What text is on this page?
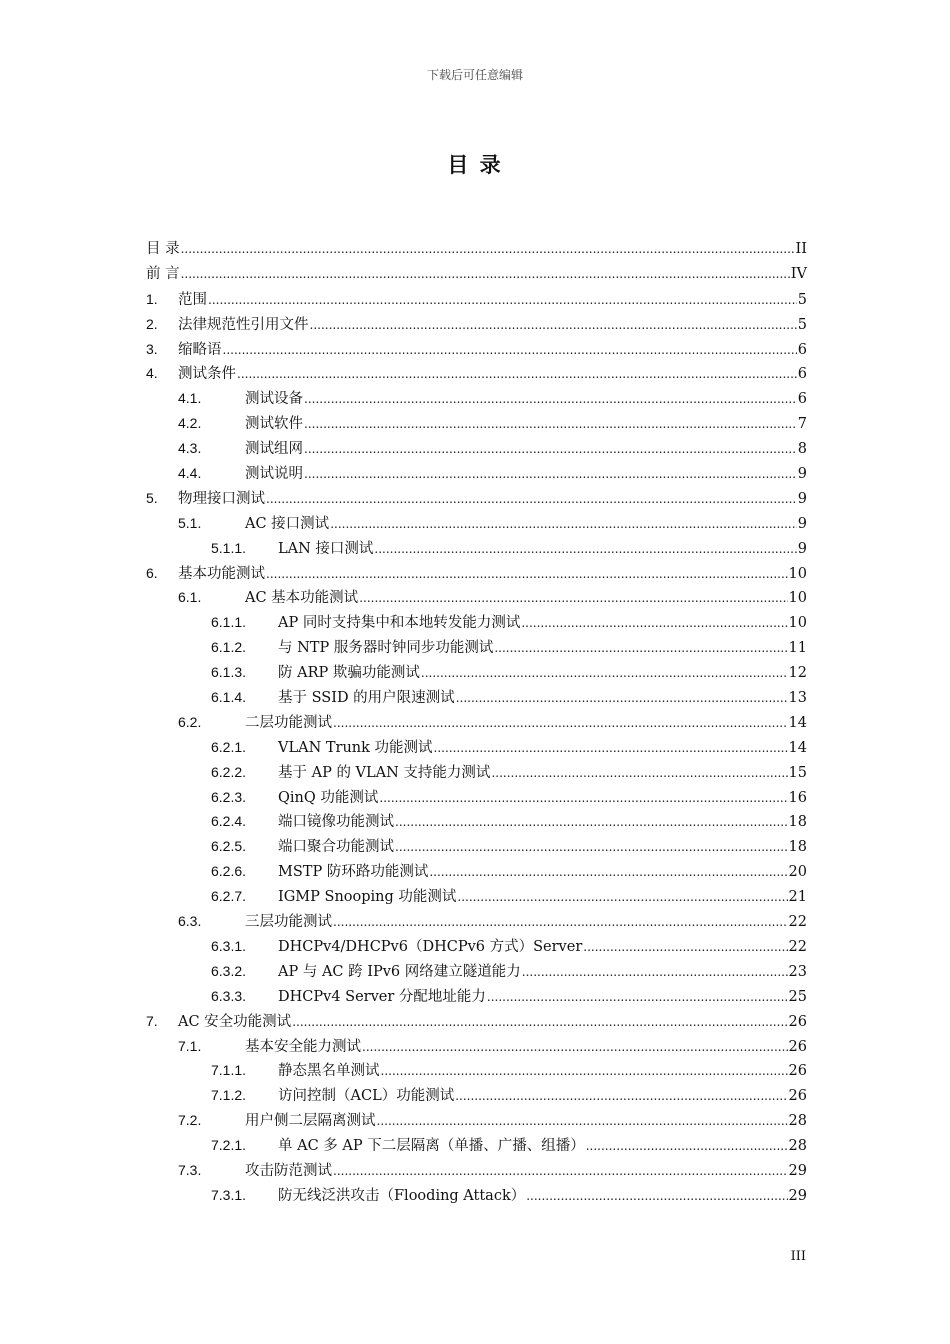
下载后可任意编辑
目 录
目 录 .....	II
前 言 .....	IV
1.	范围 .....	5
2.	法律规范性引用文件 .....	5
3.	缩略语 .....	6
4.	测试条件 .....	6
4.1.	测试设备 .....	6
4.2.	测试软件 .....	7
4.3.	测试组网 .....	8
4.4.	测试说明 .....	9
5.	物理接口测试 .....	9
5.1.	AC 接口测试 .....	9
5.1.1.	LAN 接口测试 .....	9
6.	基本功能测试 .....	10
6.1.	AC 基本功能测试 .....	10
6.1.1.	AP 同时支持集中和本地转发能力测试 .....	10
6.1.2.	与 NTP 服务器时钟同步功能测试 .....	11
6.1.3.	防 ARP 欺骗功能测试 .....	12
6.1.4.	基于 SSID 的用户限速测试 .....	13
6.2.	二层功能测试 .....	14
6.2.1.	VLAN Trunk 功能测试 .....	14
6.2.2.	基于 AP 的 VLAN 支持能力测试 .....	15
6.2.3.	QinQ 功能测试 .....	16
6.2.4.	端口镜像功能测试 .....	18
6.2.5.	端口聚合功能测试 .....	18
6.2.6.	MSTP 防环路功能测试 .....	20
6.2.7.	IGMP Snooping 功能测试 .....	21
6.3.	三层功能测试 .....	22
6.3.1.	DHCPv4/DHCPv6（DHCPv6 方式）Server .....	22
6.3.2.	AP 与 AC 跨 IPv6 网络建立隧道能力 .....	23
6.3.3.	DHCPv4 Server 分配地址能力 .....	25
7.	AC 安全功能测试 .....	26
7.1.	基本安全能力测试 .....	26
7.1.1.	静态黑名单测试 .....	26
7.1.2.	访问控制（ACL）功能测试 .....	26
7.2.	用户侧二层隔离测试 .....	28
7.2.1.	单 AC 多 AP 下二层隔离（单播、广播、组播） .....	28
7.3.	攻击防范测试 .....	29
7.3.1.	防无线泛洪攻击（Flooding Attack） .....	29
III
